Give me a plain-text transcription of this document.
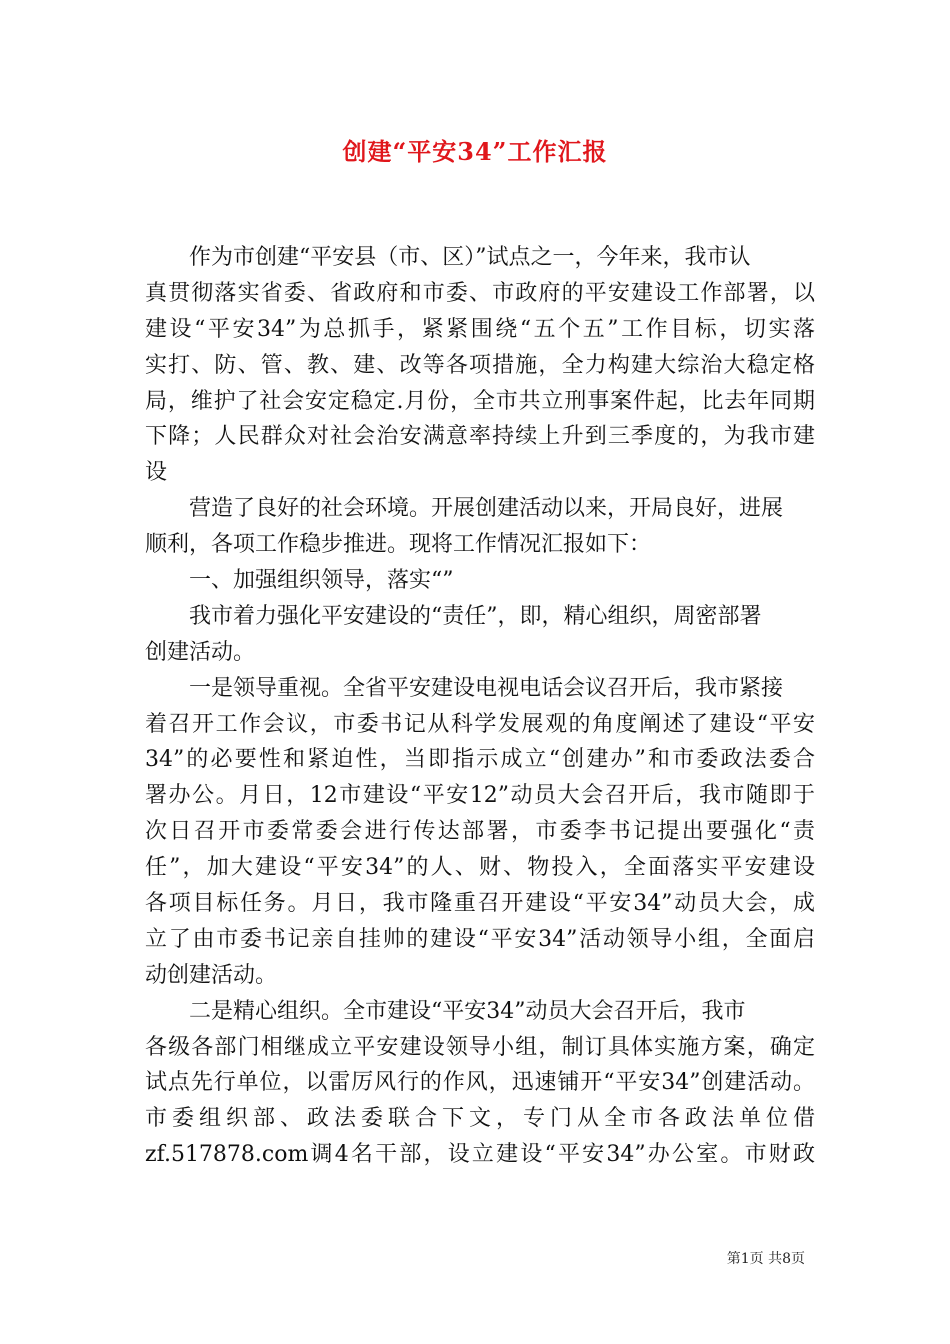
创建“平安34”工作汇报
作为市创建“平安县（市、区）”试点之一，今年来，我市认
真贯彻落实省委、省政府和市委、市政府的平安建设工作部署，以
建设“平安34”为总抓手，紧紧围绕“五个五”工作目标，切实落
实打、防、管、教、建、改等各项措施，全力构建大综治大稳定格
局，维护了社会安定稳定.月份，全市共立刑事案件起，比去年同期
下降；人民群众对社会治安满意率持续上升到三季度的，为我市建
设
营造了良好的社会环境。开展创建活动以来，开局良好，进展
顺利，各项工作稳步推进。现将工作情况汇报如下：
一、加强组织领导，落实“”
我市着力强化平安建设的“责任”，即，精心组织，周密部署
创建活动。
一是领导重视。全省平安建设电视电话会议召开后，我市紧接
着召开工作会议，市委书记从科学发展观的角度阐述了建设“平安
34”的必要性和紧迫性，当即指示成立“创建办”和市委政法委合
署办公。月日，12市建设“平安12”动员大会召开后，我市随即于
次日召开市委常委会进行传达部署，市委李书记提出要强化“责
任”，加大建设“平安34”的人、财、物投入，全面落实平安建设
各项目标任务。月日，我市隆重召开建设“平安34”动员大会，成
立了由市委书记亲自挂帅的建设“平安34”活动领导小组，全面启
动创建活动。
二是精心组织。全市建设“平安34”动员大会召开后，我市
各级各部门相继成立平安建设领导小组，制订具体实施方案，确定
试点先行单位，以雷厉风行的作风，迅速铺开“平安34”创建活动。
市委组织部、政法委联合下文，专门从全市各政法单位借
zf.517878.com调4名干部，设立建设“平安34”办公室。市财政
第1页 共8页
